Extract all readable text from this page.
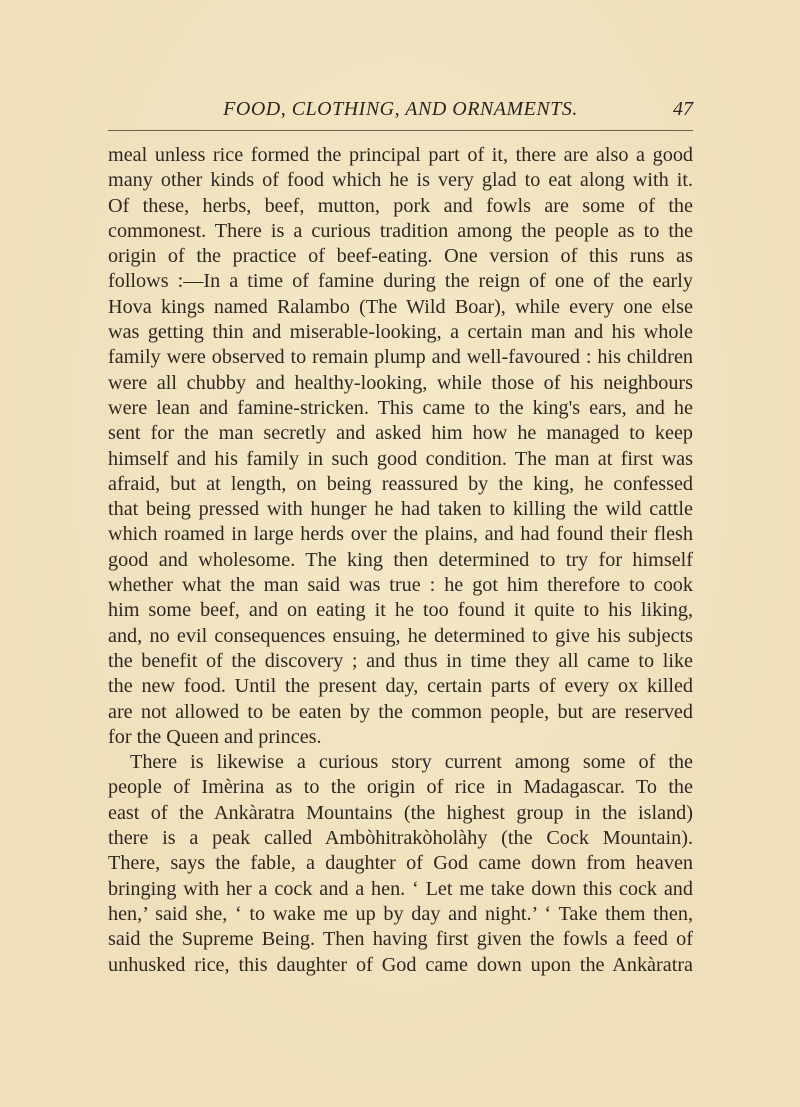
FOOD, CLOTHING, AND ORNAMENTS.	47
meal unless rice formed the principal part of it, there are also a good
many other kinds of food which he is very glad to eat along with it.
Of these, herbs, beef, mutton, pork and fowls are some of the
commonest. There is a curious tradition among the people as to the
origin of the practice of beef-eating. One version of this runs as
follows :—In a time of famine during the reign of one of the early
Hova kings named Ralambo (The Wild Boar), while every one else
was getting thin and miserable-looking, a certain man and his whole
family were observed to remain plump and well-favoured : his children
were all chubby and healthy-looking, while those of his neighbours
were lean and famine-stricken. This came to the king's ears, and he
sent for the man secretly and asked him how he managed to keep
himself and his family in such good condition. The man at first was
afraid, but at length, on being reassured by the king, he confessed
that being pressed with hunger he had taken to killing the wild cattle
which roamed in large herds over the plains, and had found their flesh
good and wholesome. The king then determined to try for himself
whether what the man said was true : he got him therefore to cook
him some beef, and on eating it he too found it quite to his liking,
and, no evil consequences ensuing, he determined to give his subjects
the benefit of the discovery ; and thus in time they all came to like
the new food. Until the present day, certain parts of every ox killed
are not allowed to be eaten by the common people, but are reserved
for the Queen and princes.
There is likewise a curious story current among some of the
people of Imèrina as to the origin of rice in Madagascar. To the
east of the Ankàratra Mountains (the highest group in the island)
there is a peak called Ambòhitrakòholàhy (the Cock Mountain).
There, says the fable, a daughter of God came down from heaven
bringing with her a cock and a hen. ‘ Let me take down this cock and
hen,’ said she, ‘ to wake me up by day and night.’ ‘ Take them then,
said the Supreme Being. Then having first given the fowls a feed of
unhusked rice, this daughter of God came down upon the Ankàratra
